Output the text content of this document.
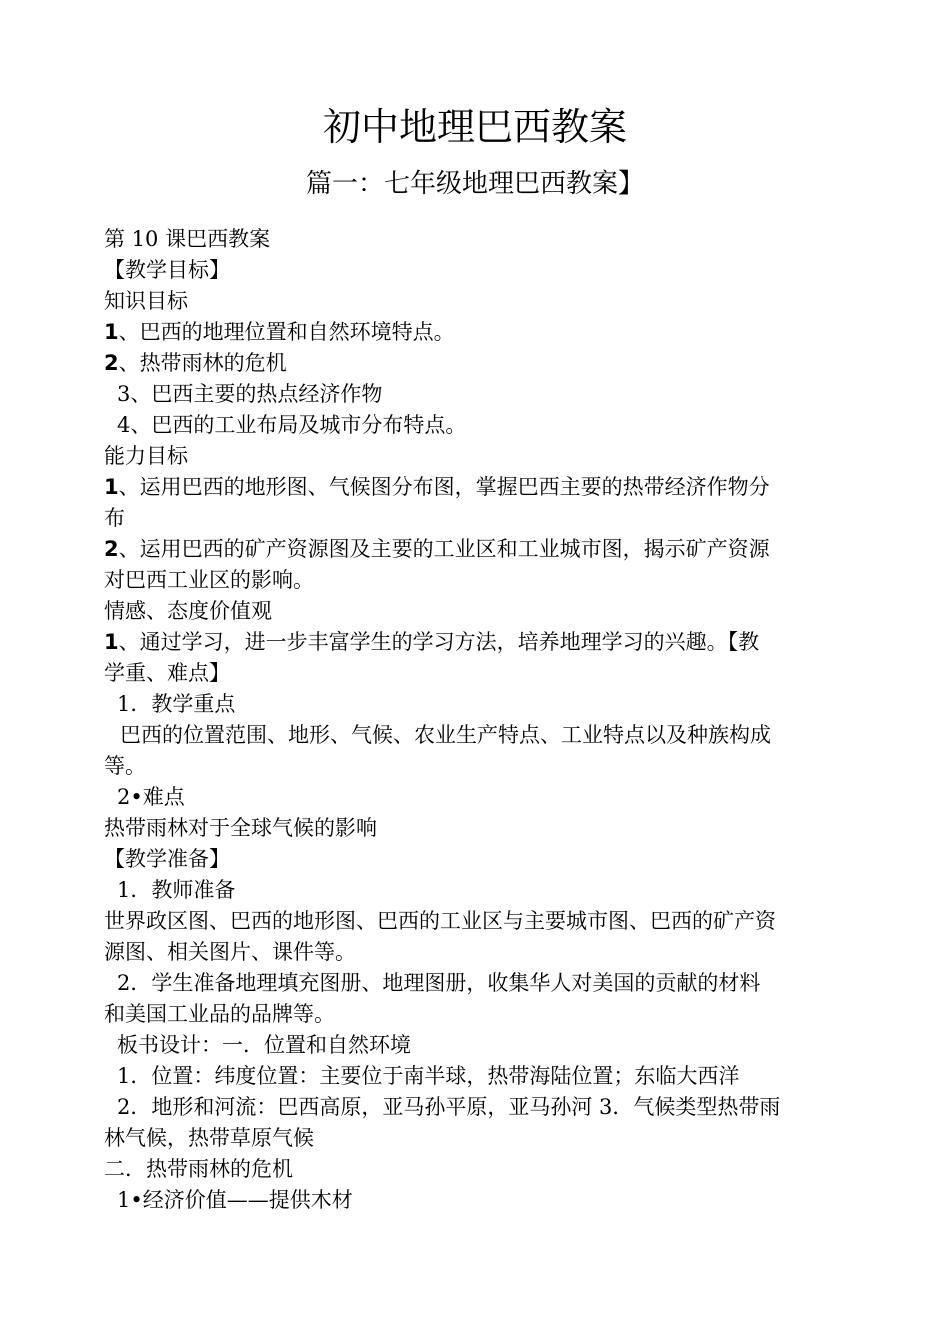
初中地理巴西教案
篇一：七年级地理巴西教案】
第 10 课巴西教案
【教学目标】
知识目标
1、巴西的地理位置和自然环境特点。
2、热带雨林的危机
3、巴西主要的热点经济作物
4、巴西的工业布局及城市分布特点。
能力目标
1、运用巴西的地形图、气候图分布图，掌握巴西主要的热带经济作物分
布
2、运用巴西的矿产资源图及主要的工业区和工业城市图，揭示矿产资源
对巴西工业区的影响。
情感、态度价值观
1、通过学习，进一步丰富学生的学习方法，培养地理学习的兴趣。【教
学重、难点】
1．教学重点
巴西的位置范围、地形、气候、农业生产特点、工业特点以及种族构成
等。
2•难点
热带雨林对于全球气候的影响
【教学准备】
1．教师准备
世界政区图、巴西的地形图、巴西的工业区与主要城市图、巴西的矿产资
源图、相关图片、课件等。
2．学生准备地理填充图册、地理图册，收集华人对美国的贡献的材料
和美国工业品的品牌等。
板书设计：一．位置和自然环境
1．位置：纬度位置：主要位于南半球，热带海陆位置；东临大西洋
2．地形和河流：巴西高原，亚马孙平原，亚马孙河 3．气候类型热带雨
林气候，热带草原气候
二．热带雨林的危机
1•经济价值——提供木材
